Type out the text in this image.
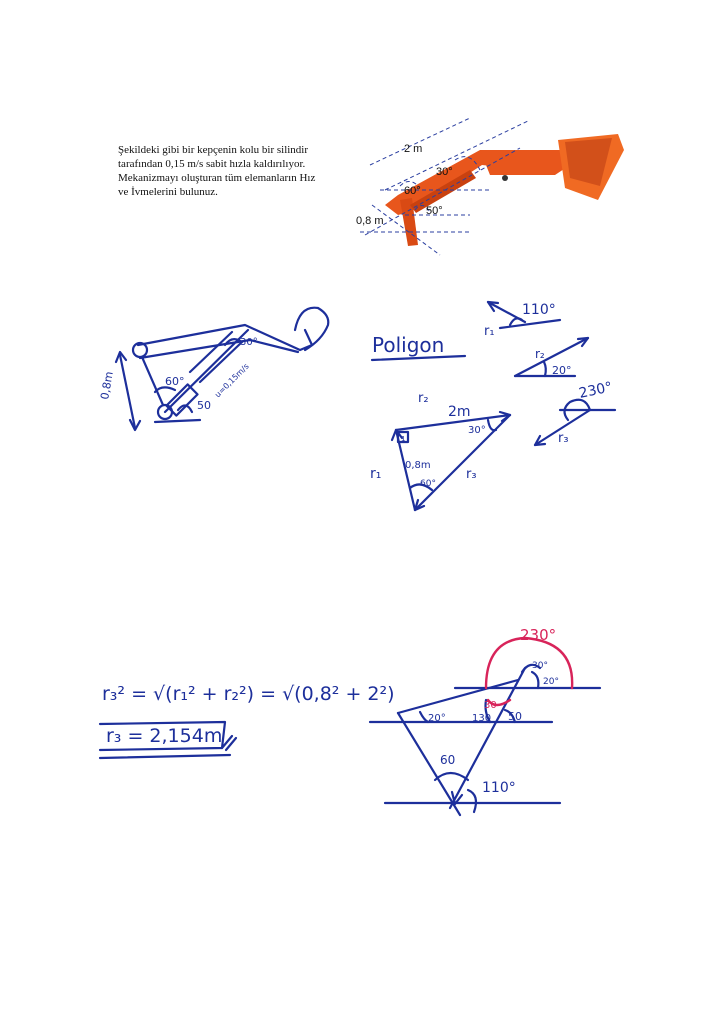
Şekildeki gibi bir kepçenin kolu bir silindir
tarafından 0,15 m/s sabit hızla kaldırılıyor.
Mekanizmayı oluşturan tüm elemanların Hız
ve İvmelerini bulunuz.
2 m
30°
60°
50°
0,8 m
30°
60°
50
0,8m	u=0,15m/s
Poligon
110°
r₁
20°
r₂
230°
r₃
1
r₂
2m
30°
r₁
0,8m
60°
r₃
r₃² = √(r₁² + r₂²) = √(0,8² + 2²)
r₃ = 2,154m
230°
30°
20°
20°	130
30
50
60
110°
